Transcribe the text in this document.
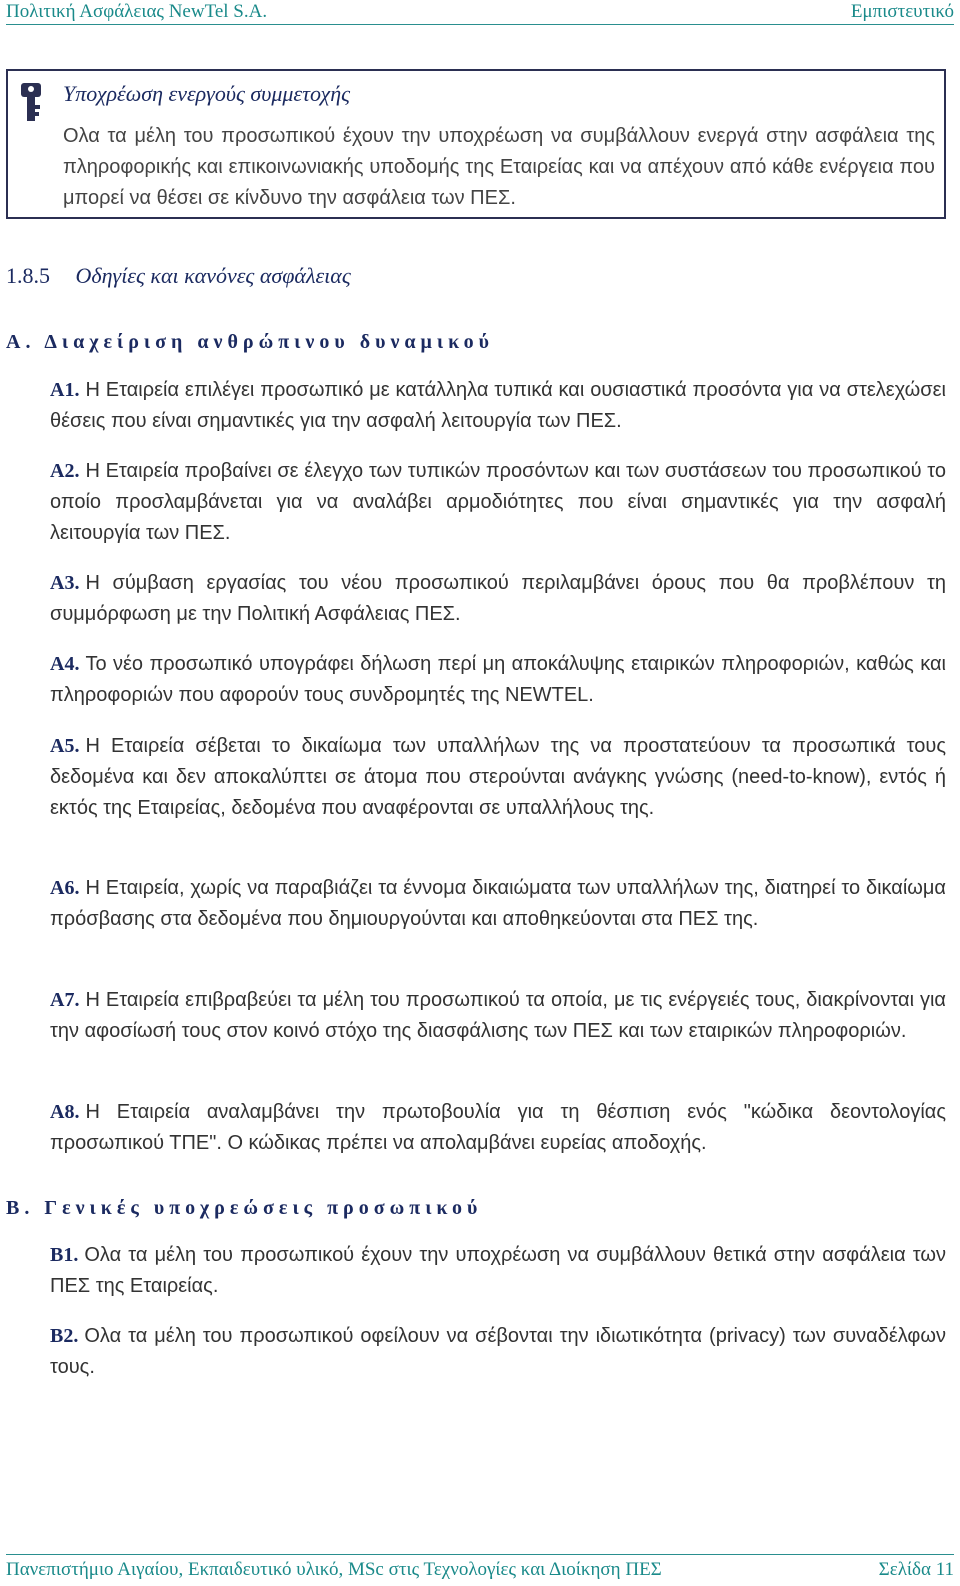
Πολιτική Ασφάλειας NewTel S.A.	Εμπιστευτικό
Υποχρέωση ενεργούς συμμετοχής
Ολα τα μέλη του προσωπικού έχουν την υποχρέωση να συμβάλλουν ενεργά στην ασφάλεια της πληροφορικής και επικοινωνιακής υποδομής της Εταιρείας και να απέχουν από κάθε ενέργεια που μπορεί να θέσει σε κίνδυνο την ασφάλεια των ΠΕΣ.
1.8.5 Οδηγίες και κανόνες ασφάλειας
Α. Διαχείριση ανθρώπινου δυναμικού
Α1. Η Εταιρεία επιλέγει προσωπικό με κατάλληλα τυπικά και ουσιαστικά προσόντα για να στελεχώσει θέσεις που είναι σημαντικές για την ασφαλή λειτουργία των ΠΕΣ.
Α2. Η Εταιρεία προβαίνει σε έλεγχο των τυπικών προσόντων και των συστάσεων του προσωπικού το οποίο προσλαμβάνεται για να αναλάβει αρμοδιότητες που είναι σημαντικές για την ασφαλή λειτουργία των ΠΕΣ.
Α3. Η σύμβαση εργασίας του νέου προσωπικού περιλαμβάνει όρους που θα προβλέπουν τη συμμόρφωση με την Πολιτική Ασφάλειας ΠΕΣ.
Α4. Το νέο προσωπικό υπογράφει δήλωση περί μη αποκάλυψης εταιρικών πληροφοριών, καθώς και πληροφοριών που αφορούν τους συνδρομητές της NEWTEL.
Α5. Η Εταιρεία σέβεται το δικαίωμα των υπαλλήλων της να προστατεύουν τα προσωπικά τους δεδομένα και δεν αποκαλύπτει σε άτομα που στερούνται ανάγκης γνώσης (need-to-know), εντός ή εκτός της Εταιρείας, δεδομένα που αναφέρονται σε υπαλλήλους της.
Α6. Η Εταιρεία, χωρίς να παραβιάζει τα έννομα δικαιώματα των υπαλλήλων της, διατηρεί το δικαίωμα πρόσβασης στα δεδομένα που δημιουργούνται και αποθηκεύονται στα ΠΕΣ της.
Α7. Η Εταιρεία επιβραβεύει τα μέλη του προσωπικού τα οποία, με τις ενέργειές τους, διακρίνονται για την αφοσίωσή τους στον κοινό στόχο της διασφάλισης των ΠΕΣ και των εταιρικών πληροφοριών.
Α8. Η Εταιρεία αναλαμβάνει την πρωτοβουλία για τη θέσπιση ενός "κώδικα δεοντολογίας προσωπικού ΤΠΕ". Ο κώδικας πρέπει να απολαμβάνει ευρείας αποδοχής.
Β. Γενικές υποχρεώσεις προσωπικού
Β1. Ολα τα μέλη του προσωπικού έχουν την υποχρέωση να συμβάλλουν θετικά στην ασφάλεια των ΠΕΣ της Εταιρείας.
Β2. Ολα τα μέλη του προσωπικού οφείλουν να σέβονται την ιδιωτικότητα (privacy) των συναδέλφων τους.
Πανεπιστήμιο Αιγαίου, Εκπαιδευτικό υλικό, MSc στις Τεχνολογίες και Διοίκηση ΠΕΣ	Σελίδα 11
